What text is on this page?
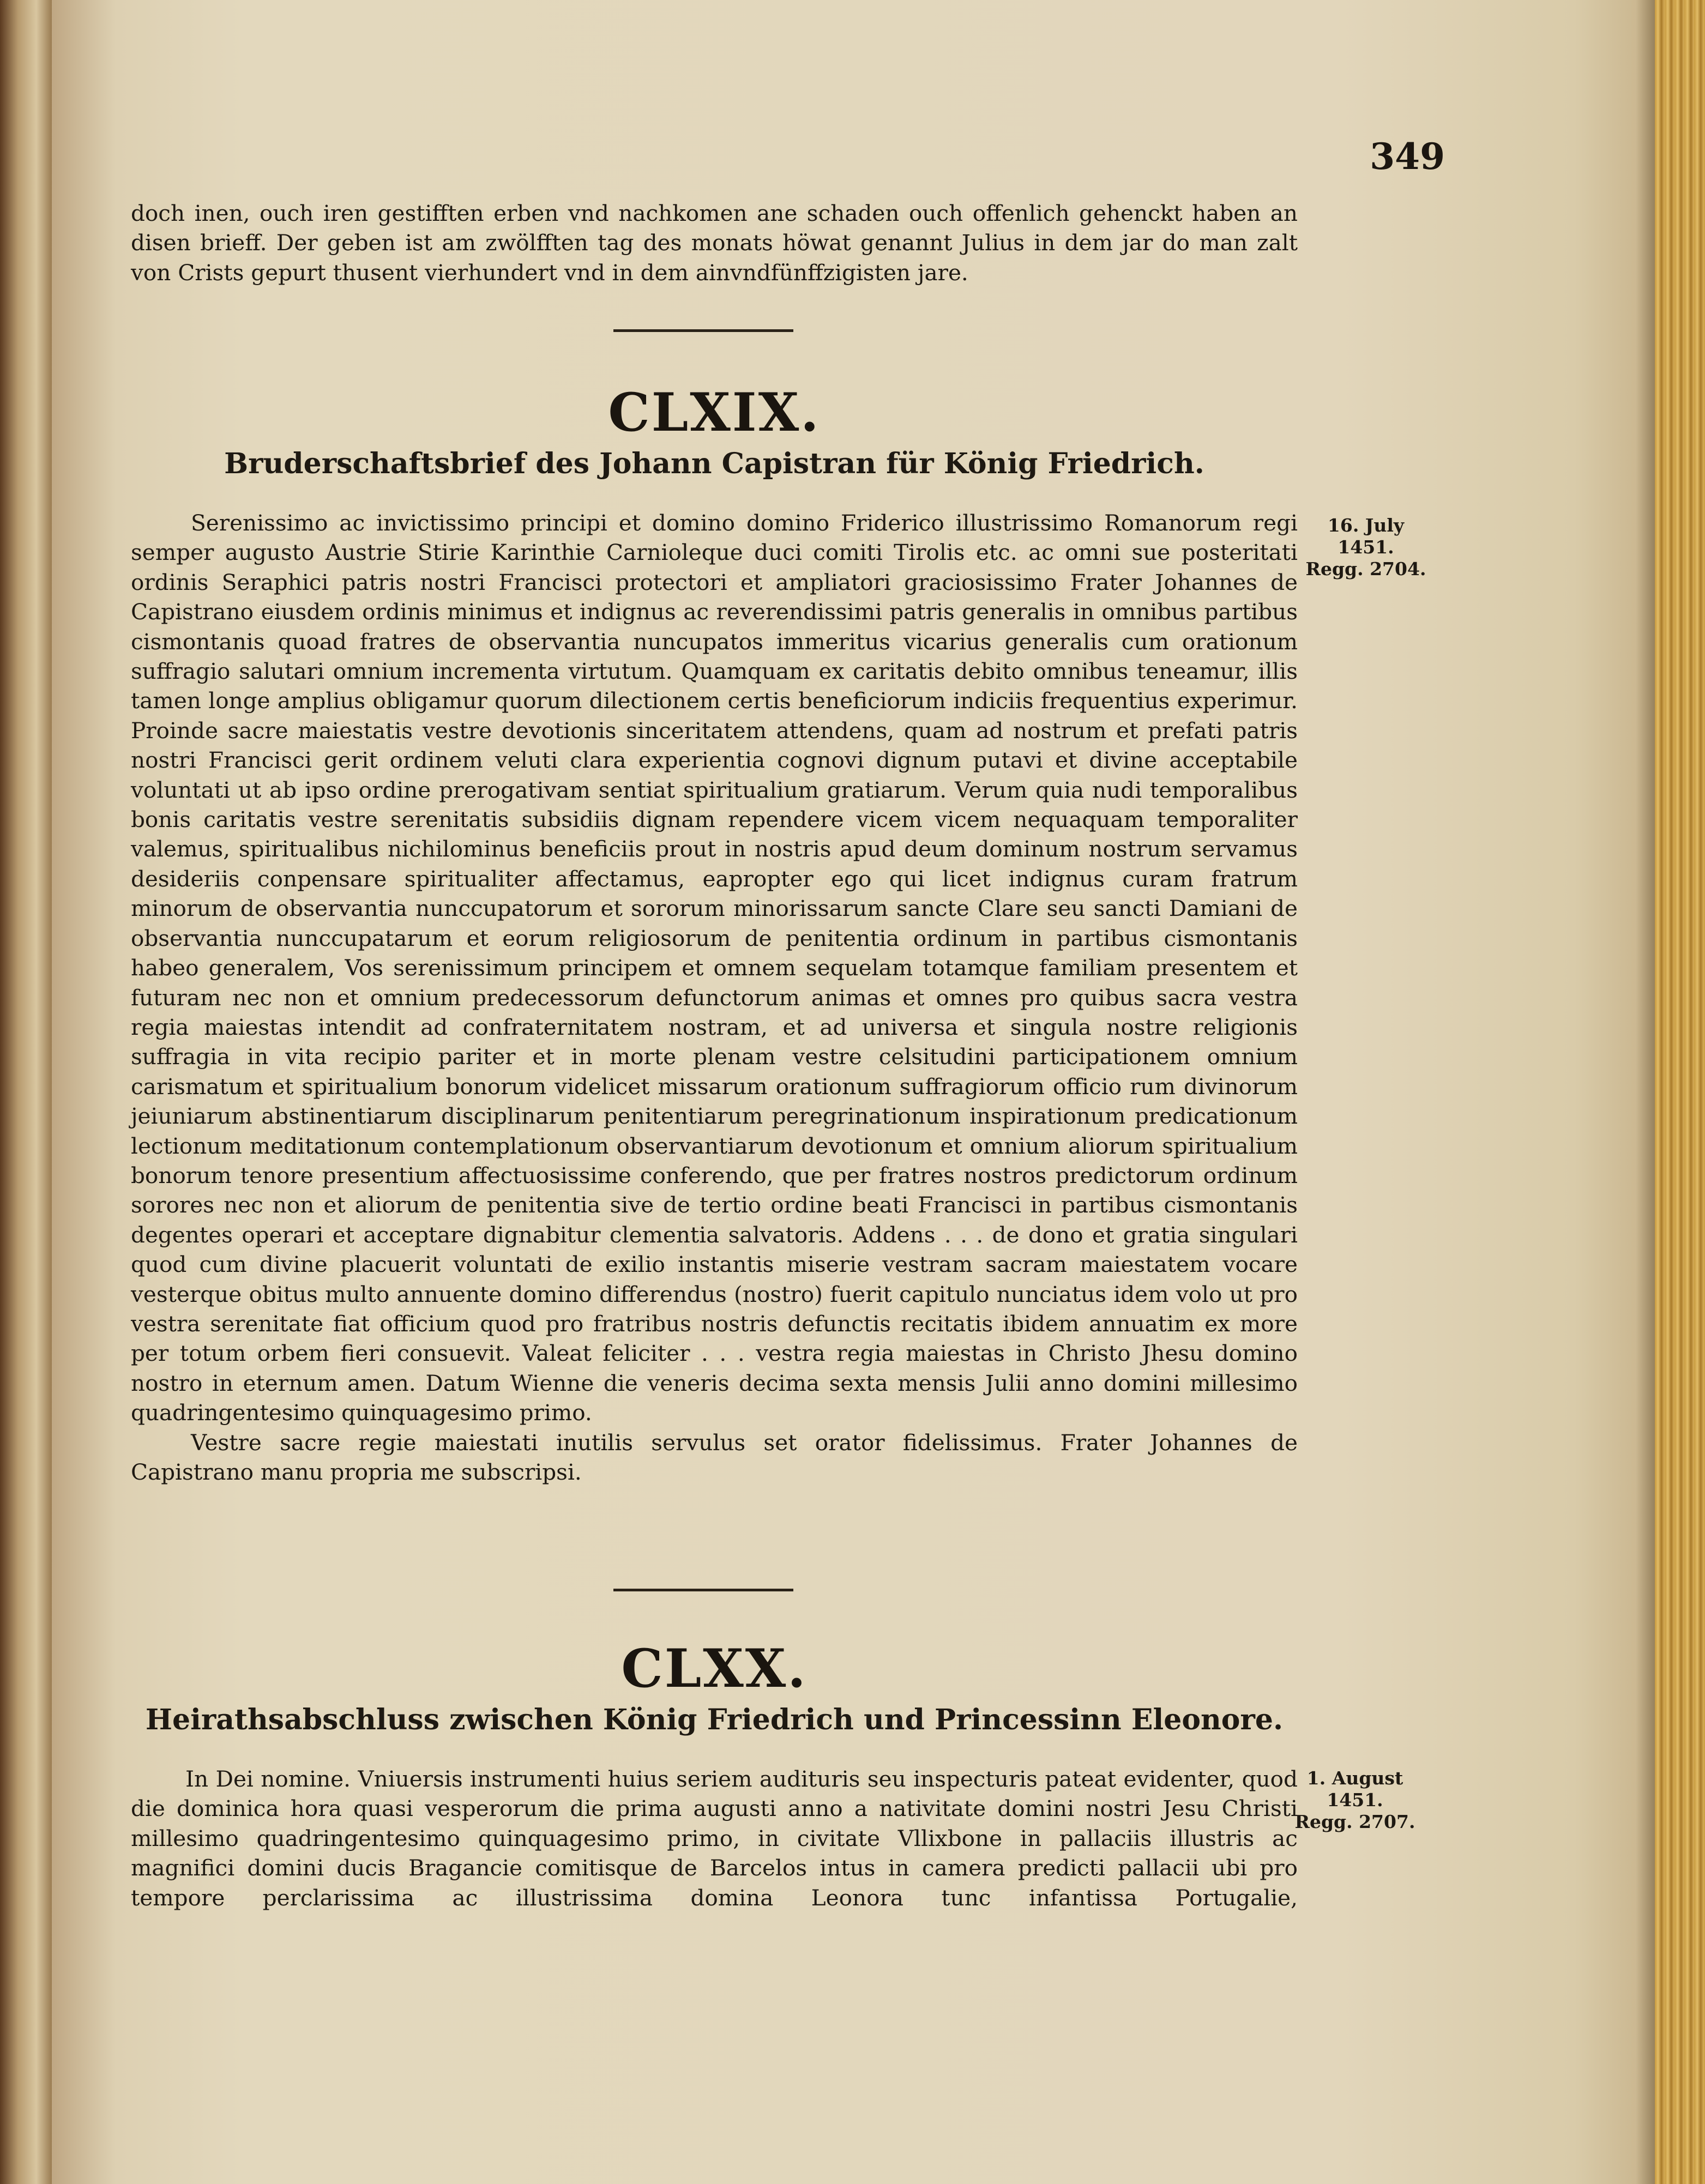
349

doch inen, ouch iren gestifften erben vnd nachkomen ane schaden ouch offenlich gehenckt haben an disen brieff. Der geben ist am zwölfften tag des monats höwat genannt Julius in dem jar do man zalt von Crists gepurt thusent vierhundert vnd in dem ainvndfünffzigisten jare.

CLXIX.
Bruderschaftsbrief des Johann Capistran für König Friedrich.
16. July
1451.
Regg. 2704.

Serenissimo ac invictissimo principi et domino domino Friderico illustrissimo Romanorum regi semper augusto Austrie Stirie Karinthie Carnioleque duci comiti Tirolis etc. ac omni sue posteritati ordinis Seraphici patris nostri Francisci protectori et ampliatori graciosissimo Frater Johannes de Capistrano eiusdem ordinis minimus et indignus ac reverendissimi patris generalis in omnibus partibus cismontanis quoad fratres de observantia nuncupatos immeritus vicarius generalis cum orationum suffragio salutari omnium incrementa virtutum. Quamquam ex caritatis debito omnibus teneamur, illis tamen longe amplius obligamur quorum dilectionem certis beneficiorum indiciis frequentius experimur. Proinde sacre maiestatis vestre devotionis sinceritatem attendens, quam ad nostrum et prefati patris nostri Francisci gerit ordinem veluti clara experientia cognovi dignum putavi et divine acceptabile voluntati ut ab ipso ordine prerogativam sentiat spiritualium gratiarum. Verum quia nudi temporalibus bonis caritatis vestre serenitatis subsidiis dignam rependere vicem vicem nequaquam temporaliter valemus, spiritualibus nichilominus beneficiis prout in nostris apud deum dominum nostrum servamus desideriis conpensare spiritualiter affectamus, eapropter ego qui licet indignus curam fratrum minorum de observantia nunccupatorum et sororum minorissarum sancte Clare seu sancti Damiani de observantia nunccupatarum et eorum religiosorum de penitentia ordinum in partibus cismontanis habeo generalem, Vos serenissimum principem et omnem sequelam totamque familiam presentem et futuram nec non et omnium predecessorum defunctorum animas et omnes pro quibus sacra vestra regia maiestas intendit ad confraternitatem nostram, et ad universa et singula nostre religionis suffragia in vita recipio pariter et in morte plenam vestre celsitudini participationem omnium carismatum et spiritualium bonorum videlicet missarum orationum suffragiorum officio rum divinorum jeiuniarum abstinentiarum disciplinarum penitentiarum peregrinationum inspirationum predicationum lectionum meditationum contemplationum observantiarum devotionum et omnium aliorum spiritualium bonorum tenore presentium affectuosissime conferendo, que per fratres nostros predictorum ordinum sorores nec non et aliorum de penitentia sive de tertio ordine beati Francisci in partibus cismontanis degentes operari et acceptare dignabitur clementia salvatoris. Addens . . . de dono et gratia singulari quod cum divine placuerit voluntati de exilio instantis miserie vestram sacram maiestatem vocare vesterque obitus multo annuente domino differendus (nostro) fuerit capitulo nunciatus idem volo ut pro vestra serenitate fiat officium quod pro fratribus nostris defunctis recitatis ibidem annuatim ex more per totum orbem fieri consuevit. Valeat feliciter . . . vestra regia maiestas in Christo Jhesu domino nostro in eternum amen. Datum Wienne die veneris decima sexta mensis Julii anno domini millesimo quadringentesimo quinquagesimo primo.

Vestre sacre regie maiestati inutilis servulus set orator fidelissimus. Frater Johannes de Capistrano manu propria me subscripsi.

CLXX.
Heirathsabschluss zwischen König Friedrich und Princessinn Eleonore.
1. August
1451.
Regg. 2707.

In Dei nomine. Vniuersis instrumenti huius seriem audituris seu inspecturis pateat evidenter, quod die dominica hora quasi vesperorum die prima augusti anno a nativitate domini nostri Jesu Christi millesimo quadringentesimo quinquagesimo primo, in civitate Vllixbone in pallaciis illustris ac magnifici domini ducis Bragancie comitisque de Barcelos intus in camera predicti pallacii ubi pro tempore perclarissima ac illustrissima domina Leonora tunc infantissa Portugalie,
